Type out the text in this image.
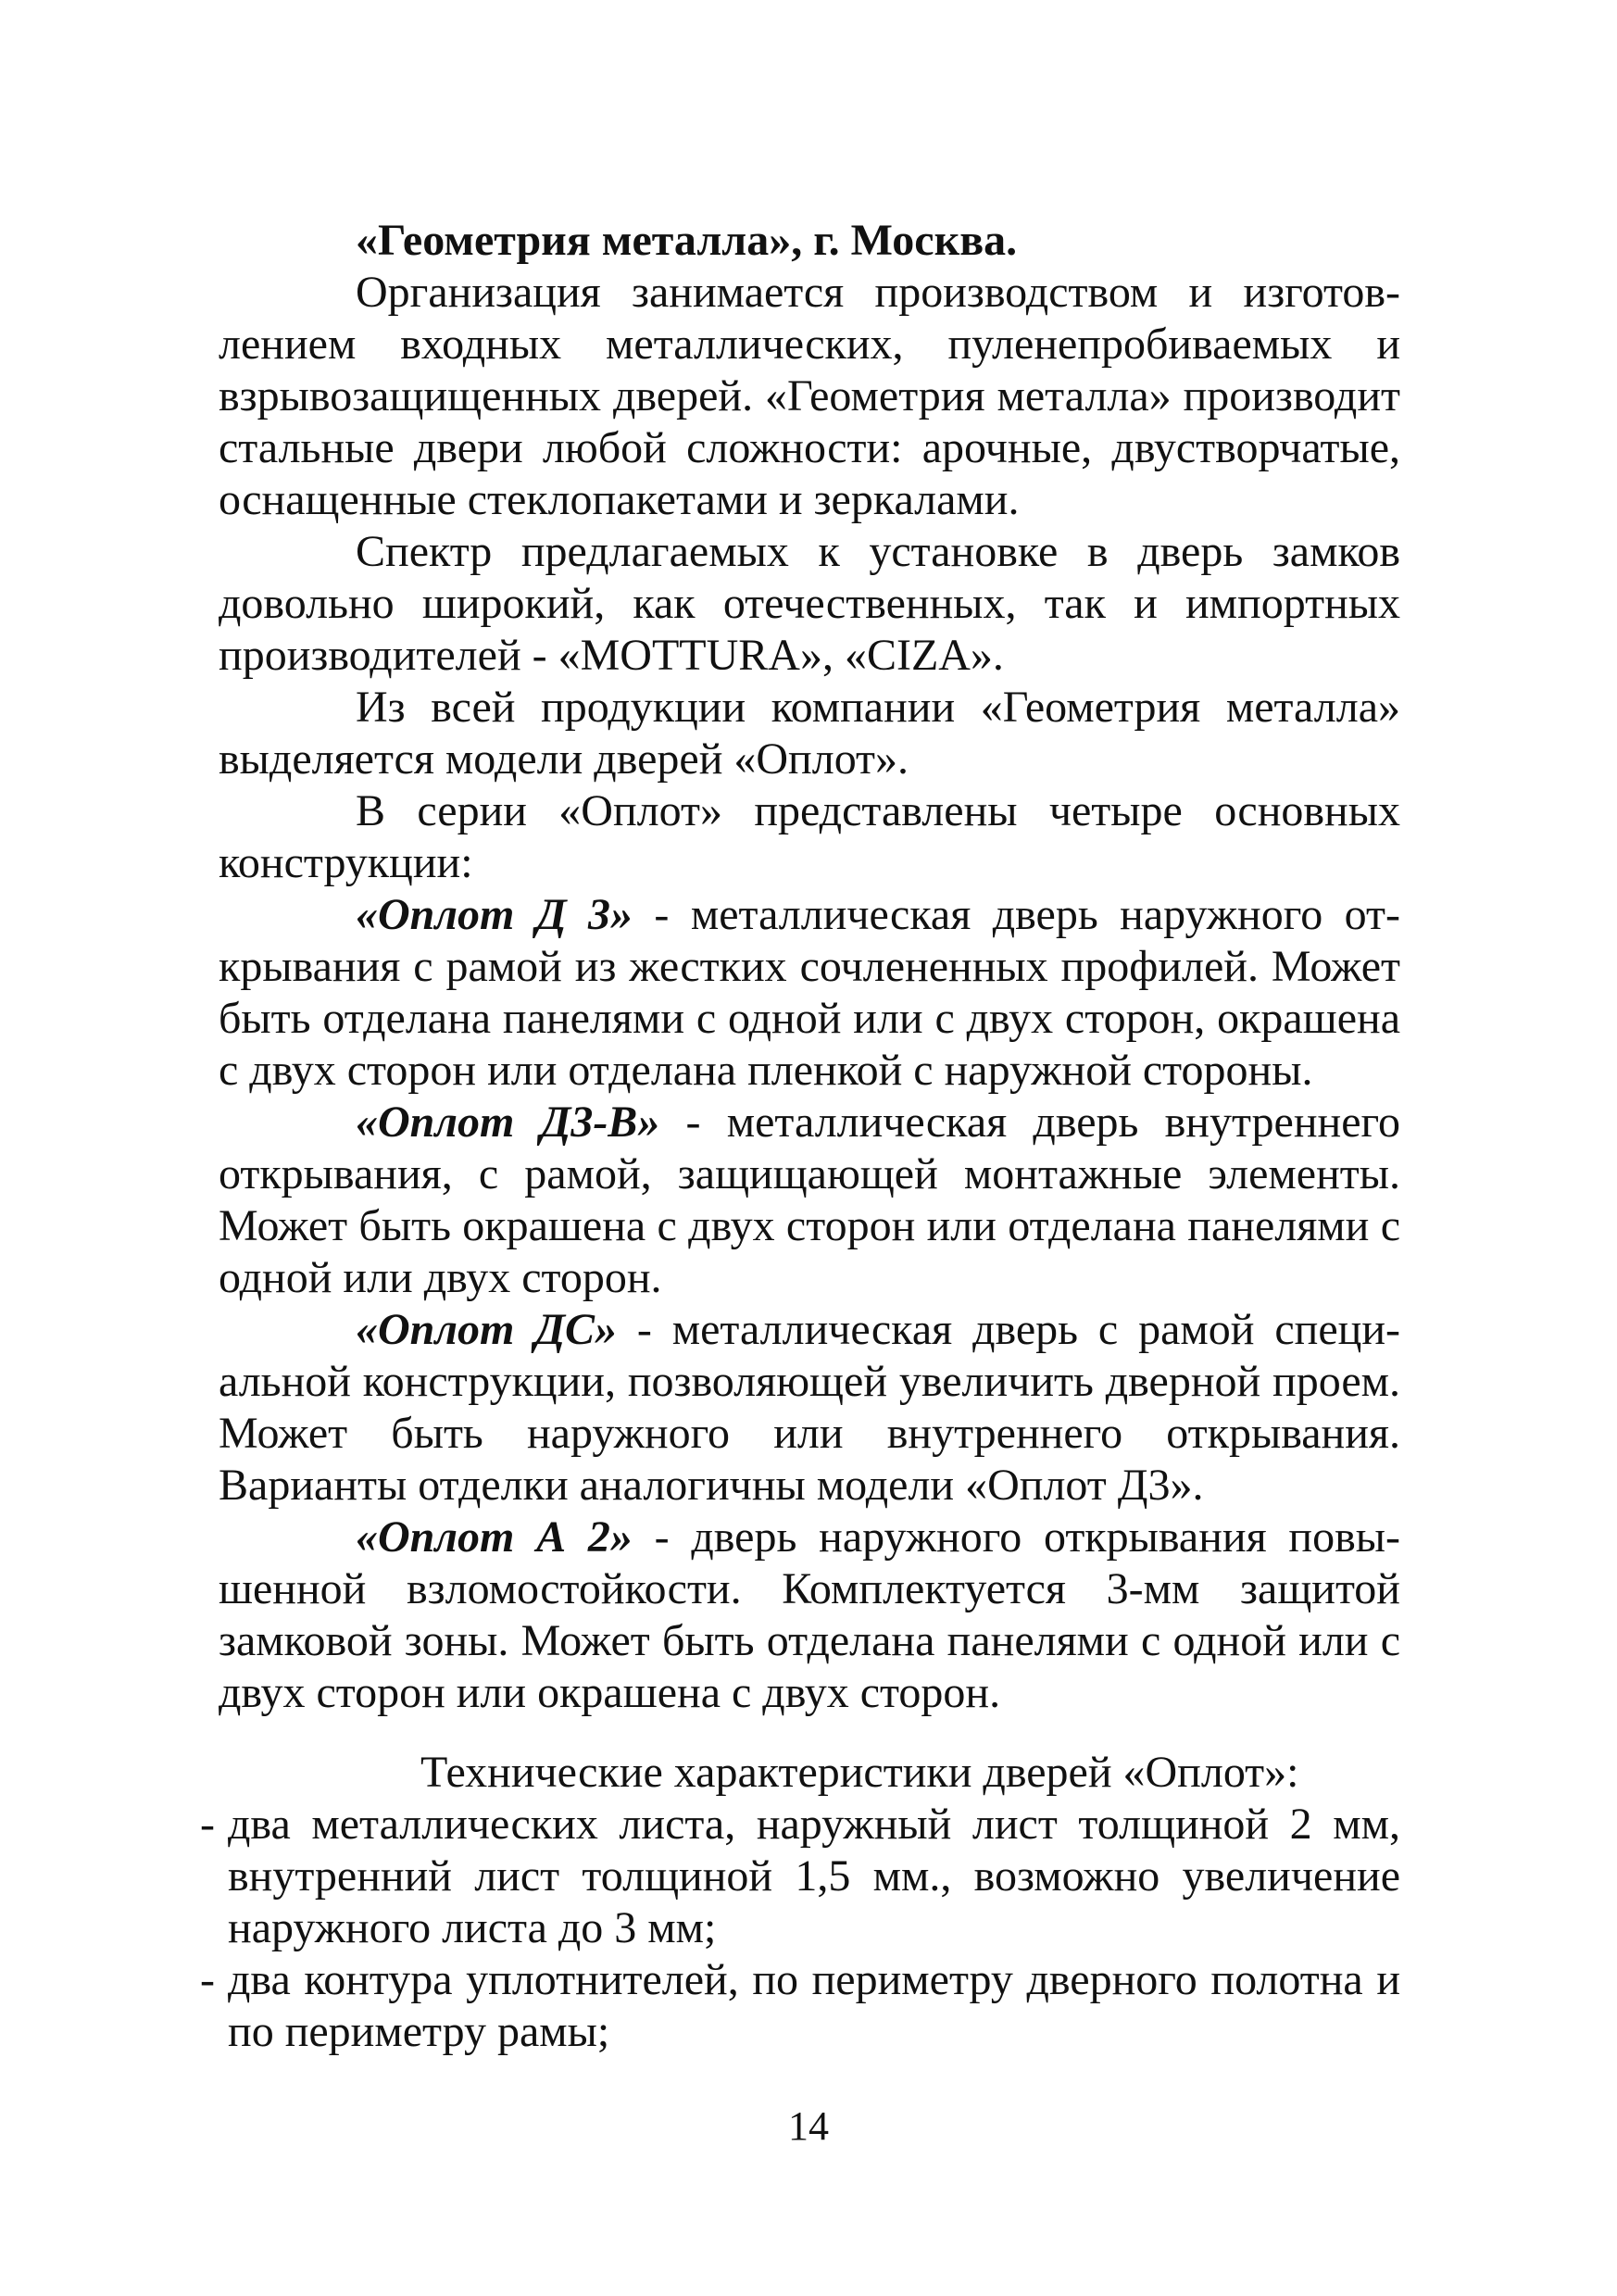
«Геометрия металла», г. Москва.

Организация занимается производством и изготовлением входных металлических, пуленепробиваемых и взрывозащищенных дверей. «Геометрия металла» производит стальные двери любой сложности: арочные, двустворчатые, оснащенные стеклопакетами и зеркалами.

Спектр предлагаемых к установке в дверь замков довольно широкий, как отечественных, так и импортных производителей - «MOTTURA», «CIZA».

Из всей продукции компании «Геометрия металла» выделяется модели дверей «Оплот».

В серии «Оплот» представлены четыре основных конструкции:

«Оплот Д 3» - металлическая дверь наружного открывания с рамой из жестких сочлененных профилей. Может быть отделана панелями с одной или с двух сторон, окрашена с двух сторон или отделана пленкой с наружной стороны.

«Оплот Д3-В» - металлическая дверь внутреннего открывания, с рамой, защищающей монтажные элементы. Может быть окрашена с двух сторон или отделана панелями с одной или двух сторон.

«Оплот ДС» - металлическая дверь с рамой специальной конструкции, позволяющей увеличить дверной проем. Может быть наружного или внутреннего открывания. Варианты отделки аналогичны модели «Оплот Д3».

«Оплот А 2» - дверь наружного открывания повышенной взломостойкости. Комплектуется 3-мм защитой замковой зоны. Может быть отделана панелями с одной или с двух сторон или окрашена с двух сторон.

Технические характеристики дверей «Оплот»:
- два металлических листа, наружный лист толщиной 2 мм, внутренний лист толщиной 1,5 мм., возможно увеличение наружного листа до 3 мм;
- два контура уплотнителей, по периметру дверного полотна и по периметру рамы;
14
